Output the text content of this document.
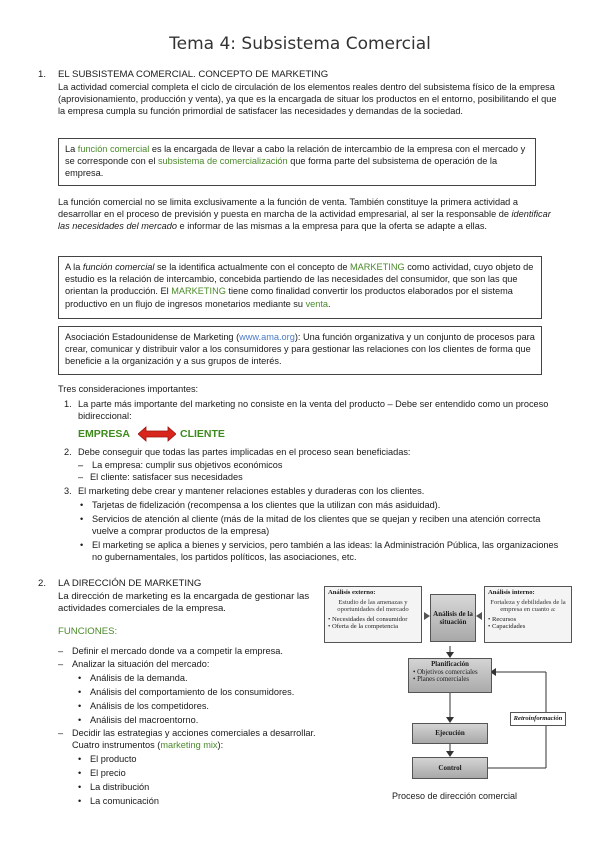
Tema 4: Subsistema Comercial
1. EL SUBSISTEMA COMERCIAL. CONCEPTO DE MARKETING
La actividad comercial completa el ciclo de circulación de los elementos reales dentro del subsistema físico de la empresa (aprovisionamiento, producción y venta), ya que es la encargada de situar los productos en el entorno, posibilitando el que la empresa cumpla su función primordial de satisfacer las necesidades y demandas de la sociedad.
La función comercial es la encargada de llevar a cabo la relación de intercambio de la empresa con el mercado y se corresponde con el subsistema de comercialización que forma parte del subsistema de operación de la empresa.
La función comercial no se limita exclusivamente a la función de venta. También constituye la primera actividad a desarrollar en el proceso de previsión y puesta en marcha de la actividad empresarial, al ser la responsable de identificar las necesidades del mercado e informar de las mismas a la empresa para que la oferta se adapte a ellas.
A la función comercial se la identifica actualmente con el concepto de MARKETING como actividad, cuyo objeto de estudio es la relación de intercambio, concebida partiendo de las necesidades del consumidor, que son las que orientan la producción. El MARKETING tiene como finalidad convertir los productos elaborados por el sistema productivo en un flujo de ingresos monetarios mediante su venta.
Asociación Estadounidense de Marketing (www.ama.org): Una función organizativa y un conjunto de procesos para crear, comunicar y distribuir valor a los consumidores y para gestionar las relaciones con los clientes de forma que beneficie a la organización y a sus grupos de interés.
Tres consideraciones importantes:
1. La parte más importante del marketing no consiste en la venta del producto – Debe ser entendido como un proceso bidireccional:
EMPRESA	CLIENTE
2. Debe conseguir que todas las partes implicadas en el proceso sean beneficiadas:
– La empresa: cumplir sus objetivos económicos
–
– El cliente: satisfacer sus necesidades
3. El marketing debe crear y mantener relaciones estables y duraderas con los clientes.
• Tarjetas de fidelización (recompensa a los clientes que la utilizan con más asiduidad).
• Servicios de atención al cliente (más de la mitad de los clientes que se quejan y reciben una atención correcta vuelve a comprar productos de la empresa)
• El marketing se aplica a bienes y servicios, pero también a las ideas: la Administración Pública, las organizaciones no gubernamentales, los partidos políticos, las asociaciones, etc.
2. LA DIRECCIÓN DE MARKETING
La dirección de marketing es la encargada de gestionar las actividades comerciales de la empresa.
FUNCIONES:
– Definir el mercado donde va a competir la empresa.
– Analizar la situación del mercado:
• Análisis de la demanda.
• Análisis del comportamiento de los consumidores.
• Análisis de los competidores.
• Análisis del macroentorno.
– Decidir las estrategias y acciones comerciales a desarrollar. Cuatro instrumentos (marketing mix):
• El producto
• El precio
• La distribución
• La comunicación
Análisis externo:
Estudio de las amenazas y oportunidades del mercado
• Necesidades del consumidor
• Oferta de la competencia
Análisis de la situación
Análisis interno:
Fortaleza y debilidades de la empresa en cuanto a:
• Recursos
• Capacidades
Planificación
• Objetivos comerciales
• Planes comerciales
Retroinformación
Ejecución
Control
Proceso de dirección comercial
